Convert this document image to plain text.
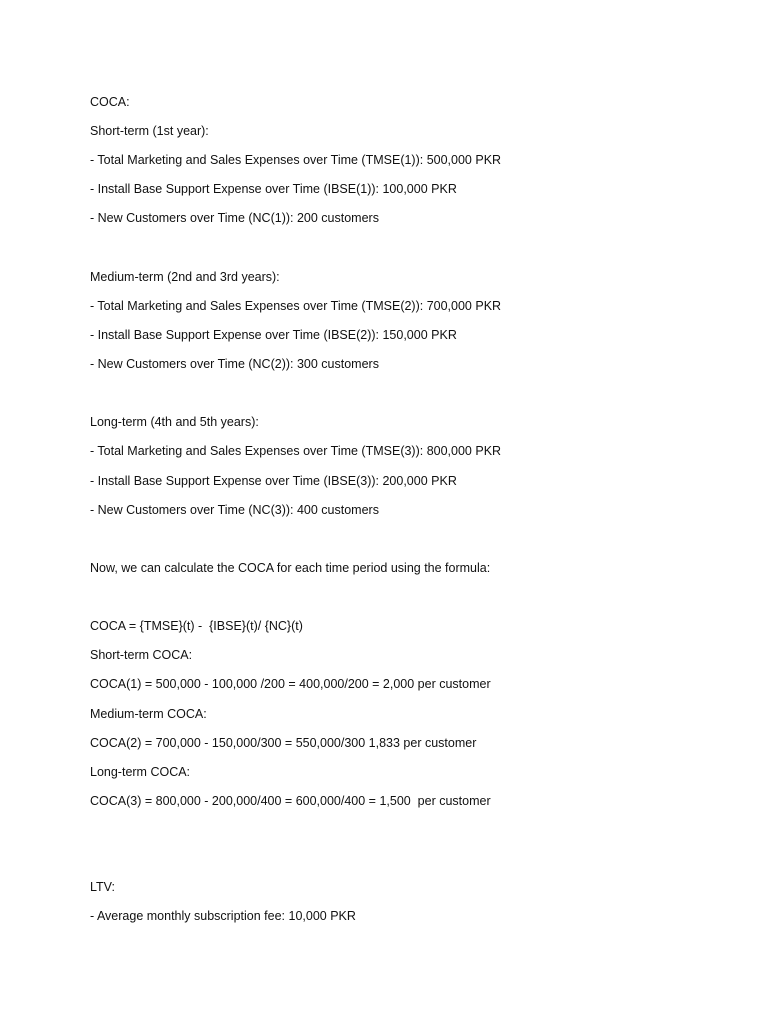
COCA:

Short-term (1st year):

- Total Marketing and Sales Expenses over Time (TMSE(1)): 500,000 PKR

- Install Base Support Expense over Time (IBSE(1)): 100,000 PKR

- New Customers over Time (NC(1)): 200 customers

Medium-term (2nd and 3rd years):

- Total Marketing and Sales Expenses over Time (TMSE(2)): 700,000 PKR

- Install Base Support Expense over Time (IBSE(2)): 150,000 PKR

- New Customers over Time (NC(2)): 300 customers

Long-term (4th and 5th years):

- Total Marketing and Sales Expenses over Time (TMSE(3)): 800,000 PKR

- Install Base Support Expense over Time (IBSE(3)): 200,000 PKR

- New Customers over Time (NC(3)): 400 customers

Now, we can calculate the COCA for each time period using the formula:

COCA = {TMSE}(t) -  {IBSE}(t)/ {NC}(t)

Short-term COCA:

COCA(1) = 500,000 - 100,000 /200 = 400,000/200 = 2,000 per customer

Medium-term COCA:

COCA(2) = 700,000 - 150,000/300 = 550,000/300 1,833 per customer

Long-term COCA:

COCA(3) = 800,000 - 200,000/400 = 600,000/400 = 1,500  per customer

LTV:

- Average monthly subscription fee: 10,000 PKR
